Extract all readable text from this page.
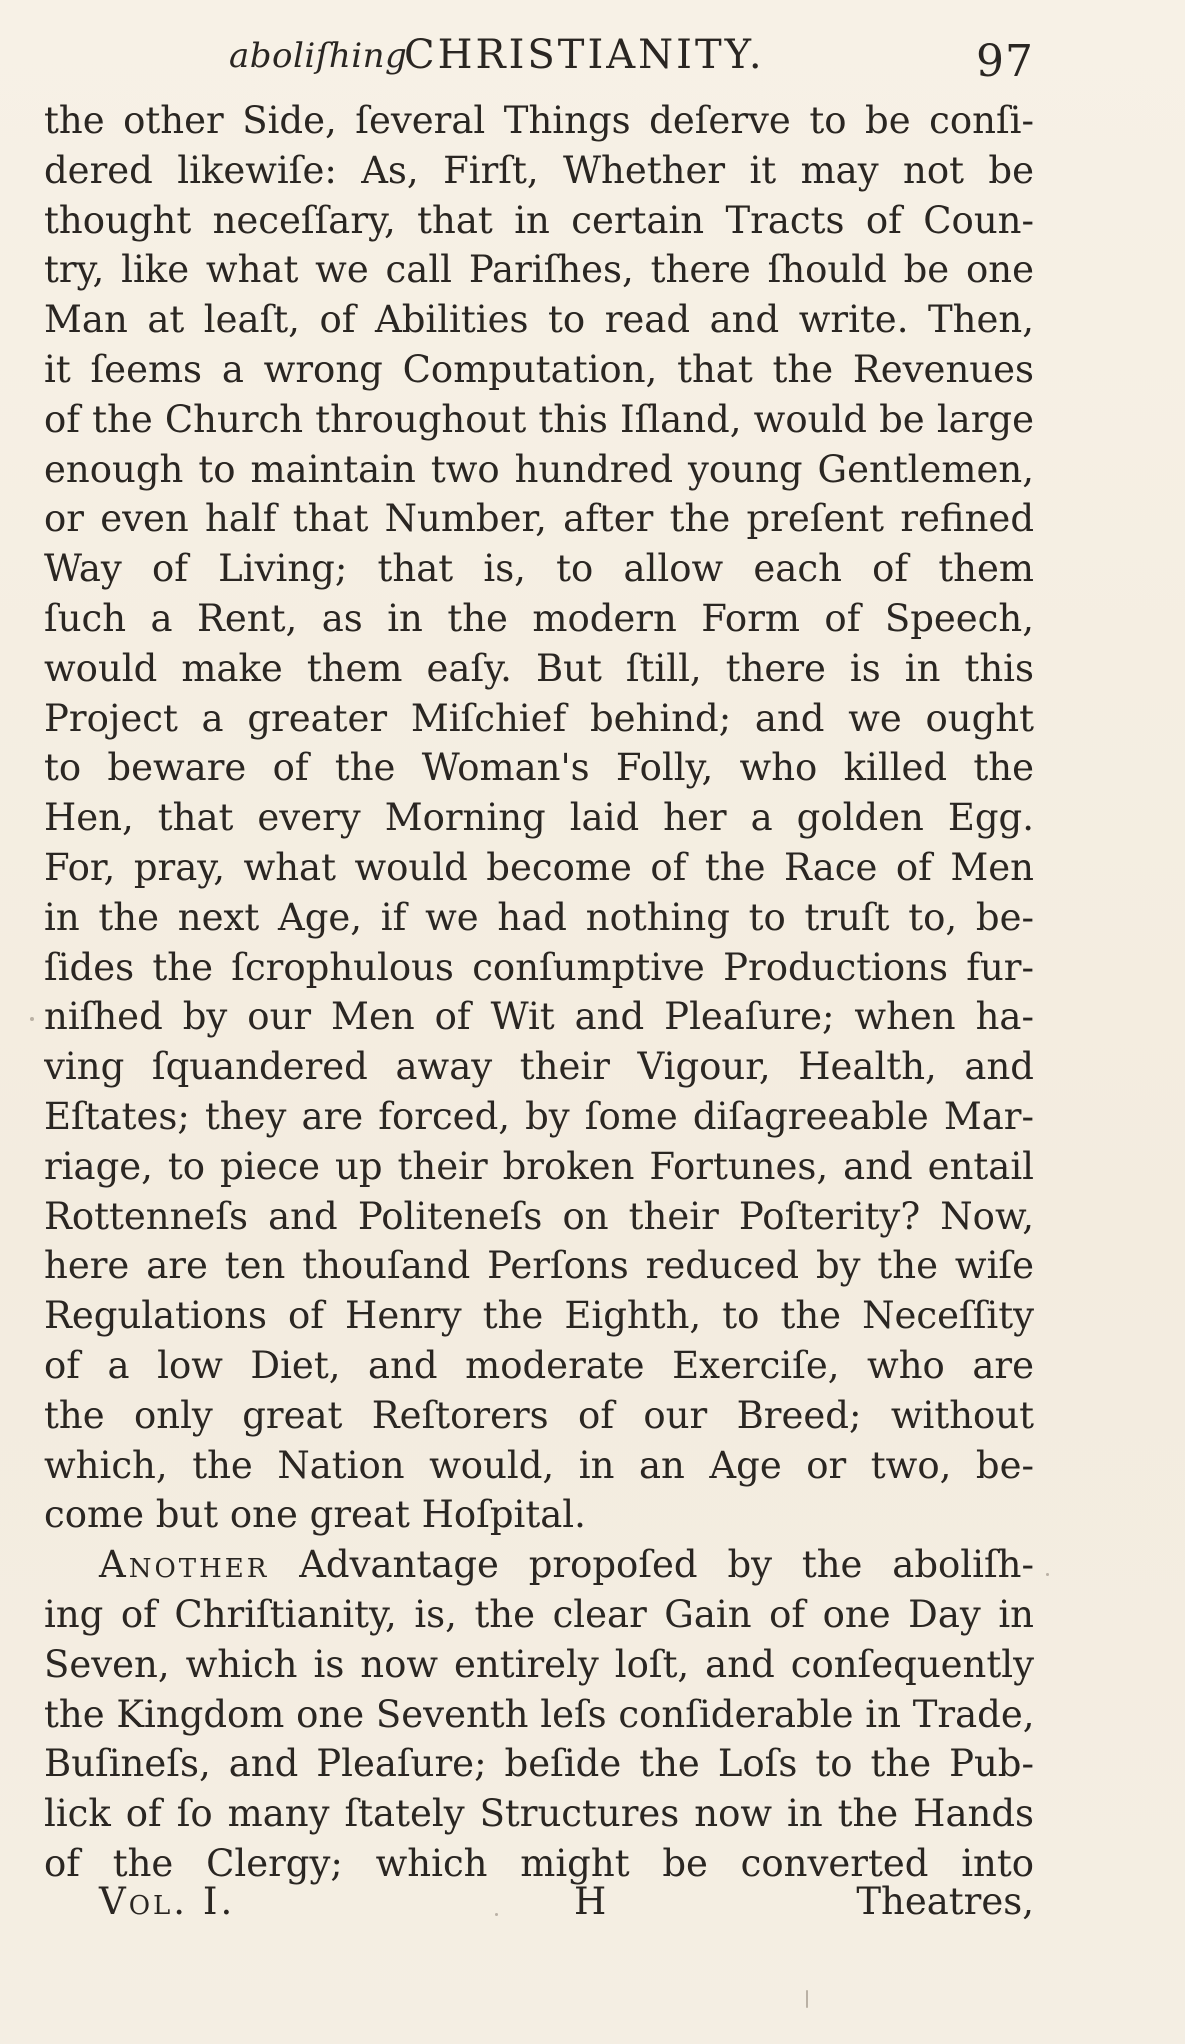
aboliſhing
CHRISTIANITY.	97
the other Side, ſeveral Things deſerve to be conſi-
dered likewiſe: As, Firſt, Whether it may not be
thought neceſſary, that in certain Tracts of Coun-
try, like what we call Pariſhes, there ſhould be one
Man at leaſt, of Abilities to read and write. Then,
it ſeems a wrong Computation, that the Revenues
of the Church throughout this Iſland, would be large
enough to maintain two hundred young Gentlemen,
or even half that Number, after the preſent refined
Way of Living; that is, to allow each of them
ſuch a Rent, as in the modern Form of Speech,
would make them eaſy. But ſtill, there is in this
Project a greater Miſchief behind; and we ought
to beware of the Woman's Folly, who killed the
Hen, that every Morning laid her a golden Egg.
For, pray, what would become of the Race of Men
in the next Age, if we had nothing to truſt to, be-
ſides the ſcrophulous conſumptive Productions fur-
niſhed by our Men of Wit and Pleaſure; when ha-
ving ſquandered away their Vigour, Health, and
Eſtates; they are forced, by ſome diſagreeable Mar-
riage, to piece up their broken Fortunes, and entail
Rottenneſs and Politeneſs on their Poſterity? Now,
here are ten thouſand Perſons reduced by the wiſe
Regulations of Henry the Eighth, to the Neceſſity
of a low Diet, and moderate Exerciſe, who are
the only great Reſtorers of our Breed; without
which, the Nation would, in an Age or two, be-
come but one great Hoſpital.
Another Advantage propoſed by the aboliſh-
ing of Chriſtianity, is, the clear Gain of one Day in
Seven, which is now entirely loſt, and conſequently
the Kingdom one Seventh leſs conſiderable in Trade,
Buſineſs, and Pleaſure; beſide the Loſs to the Pub-
lick of ſo many ſtately Structures now in the Hands
of the Clergy; which might be converted into
Vol. I.	H	Theatres,
